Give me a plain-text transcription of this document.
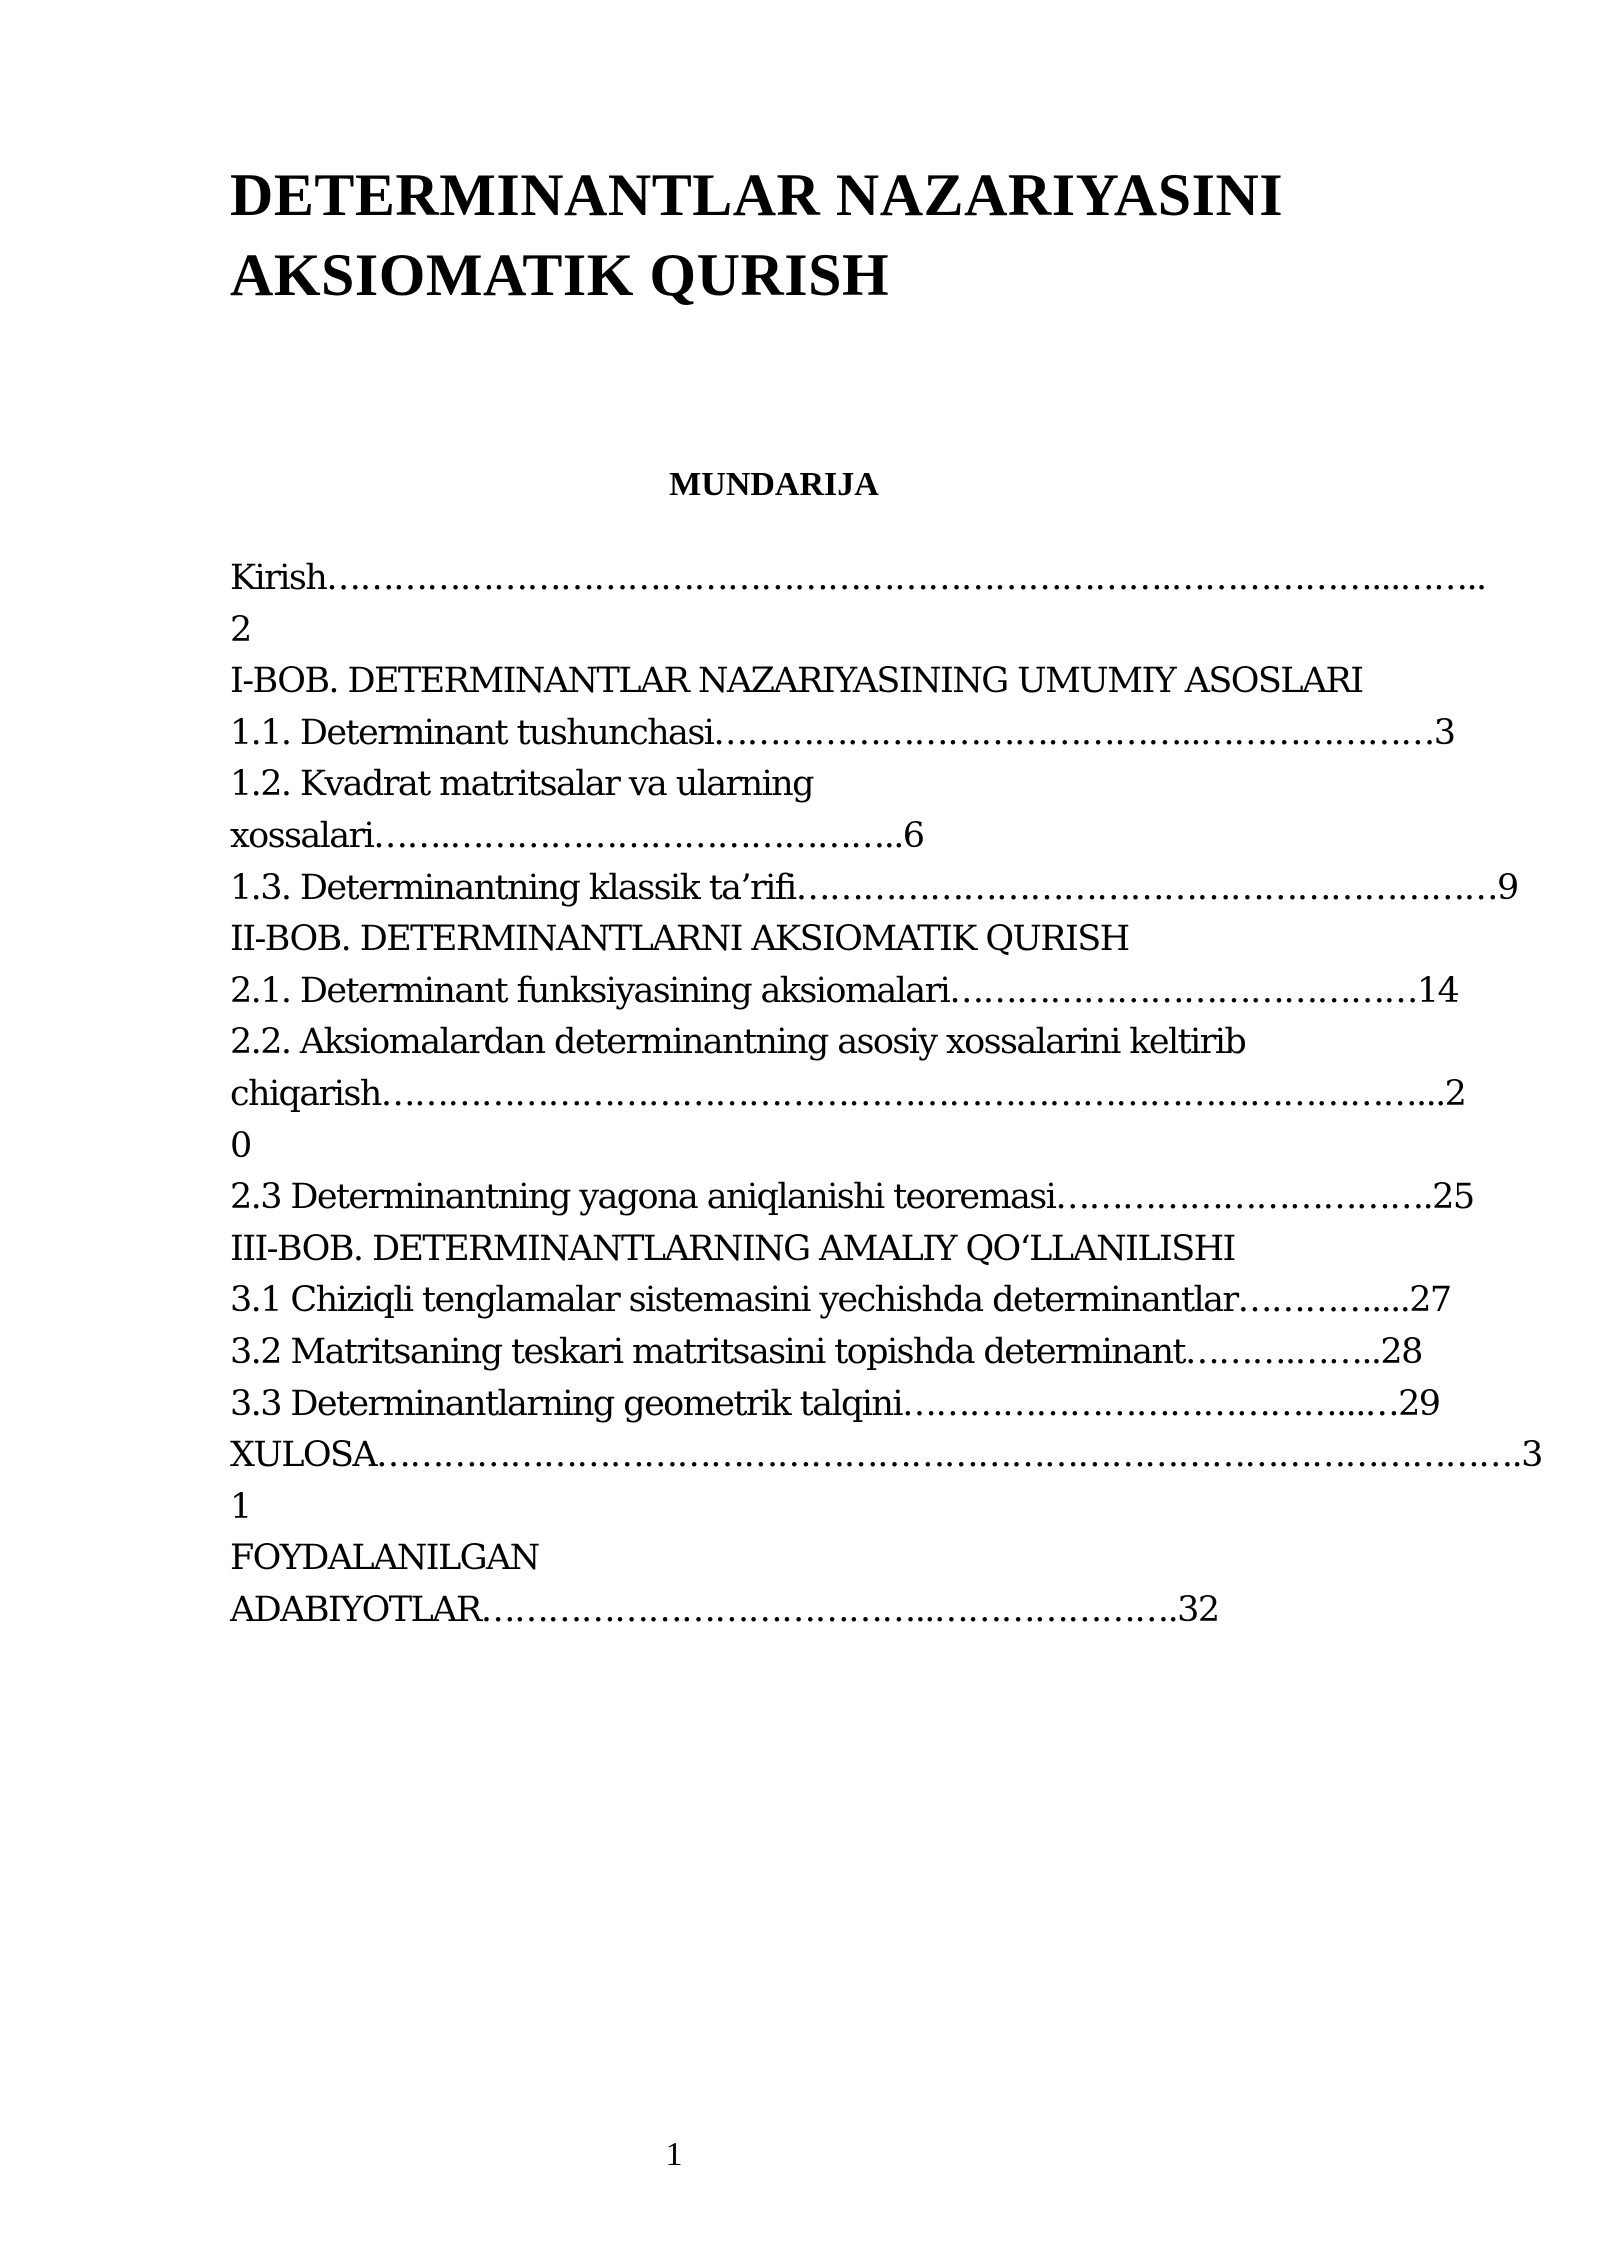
DETERMINANTLAR NAZARIYASINI
AKSIOMATIK QURISH
MUNDARIJA
Kirish………………………………………………………………….………………...……..
2
I-BOB. DETERMINANTLAR NAZARIYASINING UMUMIY ASOSLARI
1.1. Determinant tushunchasi……………………………………..…………………3
1.2. Kvadrat matritsalar va ularning
xossalari…….…………………………………..6
1.3. Determinantning klassik ta’rifi………………………………………………………9
II-BOB. DETERMINANTLARNI AKSIOMATIK QURISH
2.1. Determinant funksiyasining aksiomalari……………………………………14
2.2. Aksiomalardan determinantning asosiy xossalarini keltirib
chiqarish…………………………………………………………………………………...2
0
2.3 Determinantning yagona aniqlanishi teoremasi…………………………….25
III-BOB. DETERMINANTLARNING AMALIY QO‘LLANILISHI
3.1 Chiziqli tenglamalar sistemasini yechishda determinantlar…………....27
3.2 Matritsaning teskari matritsasini topishda determinant……….……..28
3.3 Determinantlarning geometrik talqini…………………………………...…29
XULOSA………………………………………………………………………………………….3
1
FOYDALANILGAN
ADABIYOTLAR…………………………………..………………….32
1
